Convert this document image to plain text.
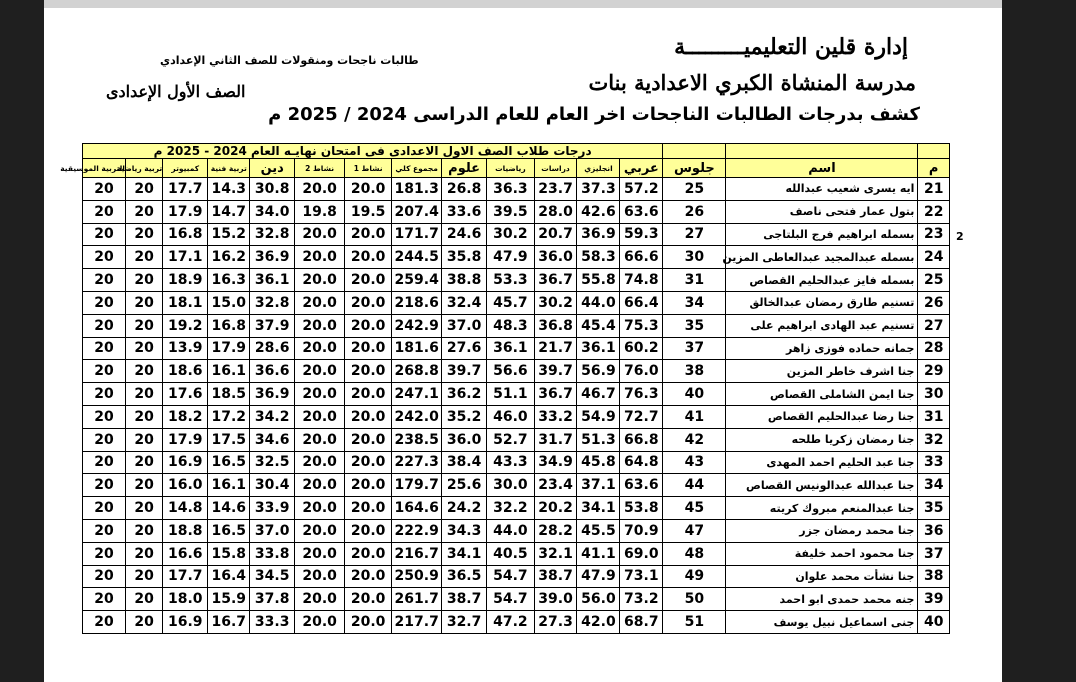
إدارة قلين التعليميـــــــــة
مدرسة المنشاة الكبري الاعدادية بنات
كشف بدرجات الطالبات الناجحات اخر العام للعام الدراسى 2024 / 2025 م
طالبات ناجحات ومنقولات للصف الثاني الإعدادي
الصف الأول الإعدادى
2
			درجات طلاب الصف الاول الاعدادى فى امتحان نهايـه العام 2024 - 2025 م												
م	اسم	جلوس	عربي	انجليزي	دراسات	رياضيات	علوم	مجموع كلي	نشاط 1	نشاط 2	دين	تربية فنية	كمبيوتر	تربية رياضية	التربية الموسيقية
21	ايه يسرى شعيب عبدالله	25	57.2	37.3	23.7	36.3	26.8	181.3	20.0	20.0	30.8	14.3	17.7	20	20
22	بتول عمار فتحى ناصف	26	63.6	42.6	28.0	39.5	33.6	207.4	19.5	19.8	34.0	14.7	17.9	20	20
23	بسمله ابراهيم فرج البلتاجى	27	59.3	36.9	20.7	30.2	24.6	171.7	20.0	20.0	32.8	15.2	16.8	20	20
24	بسمله عبدالمجيد عبدالعاطى المزين	30	66.6	58.3	36.0	47.9	35.8	244.5	20.0	20.0	36.9	16.2	17.1	20	20
25	بسمله فايز عبدالحليم القصاص	31	74.8	55.8	36.7	53.3	38.8	259.4	20.0	20.0	36.1	16.3	18.9	20	20
26	تسنيم طارق رمضان عبدالخالق	34	66.4	44.0	30.2	45.7	32.4	218.6	20.0	20.0	32.8	15.0	18.1	20	20
27	تسنيم عبد الهادى ابراهيم على	35	75.3	45.4	36.8	48.3	37.0	242.9	20.0	20.0	37.9	16.8	19.2	20	20
28	جمانه حماده فوزى زاهر	37	60.2	36.1	21.7	36.1	27.6	181.6	20.0	20.0	28.6	17.9	13.9	20	20
29	جنا اشرف خاطر المزين	38	76.0	56.9	39.7	56.6	39.7	268.8	20.0	20.0	36.6	16.1	18.6	20	20
30	جنا ايمن الشاملى القصاص	40	76.3	46.7	36.7	51.1	36.2	247.1	20.0	20.0	36.9	18.5	17.6	20	20
31	جنا رضا عبدالحليم القصاص	41	72.7	54.9	33.2	46.0	35.2	242.0	20.0	20.0	34.2	17.2	18.2	20	20
32	جنا رمضان زكريا طلحه	42	66.8	51.3	31.7	52.7	36.0	238.5	20.0	20.0	34.6	17.5	17.9	20	20
33	جنا عبد الحليم احمد المهدى	43	64.8	45.8	34.9	43.3	38.4	227.3	20.0	20.0	32.5	16.5	16.9	20	20
34	جنا عبدالله عبدالونيس القصاص	44	63.6	37.1	23.4	30.0	25.6	179.7	20.0	20.0	30.4	16.1	16.0	20	20
35	جنا عبدالمنعم مبروك كريته	45	53.8	34.1	20.2	32.2	24.2	164.6	20.0	20.0	33.9	14.6	14.8	20	20
36	جنا محمد رمضان جزر	47	70.9	45.5	28.2	44.0	34.3	222.9	20.0	20.0	37.0	16.5	18.8	20	20
37	جنا محمود احمد خليفة	48	69.0	41.1	32.1	40.5	34.1	216.7	20.0	20.0	33.8	15.8	16.6	20	20
38	جنا نشأت محمد علوان	49	73.1	47.9	38.7	54.7	36.5	250.9	20.0	20.0	34.5	16.4	17.7	20	20
39	جنه محمد حمدى ابو احمد	50	73.2	56.0	39.0	54.7	38.7	261.7	20.0	20.0	37.8	15.9	18.0	20	20
40	جنى اسماعيل نبيل يوسف	51	68.7	42.0	27.3	47.2	32.7	217.7	20.0	20.0	33.3	16.7	16.9	20	20
